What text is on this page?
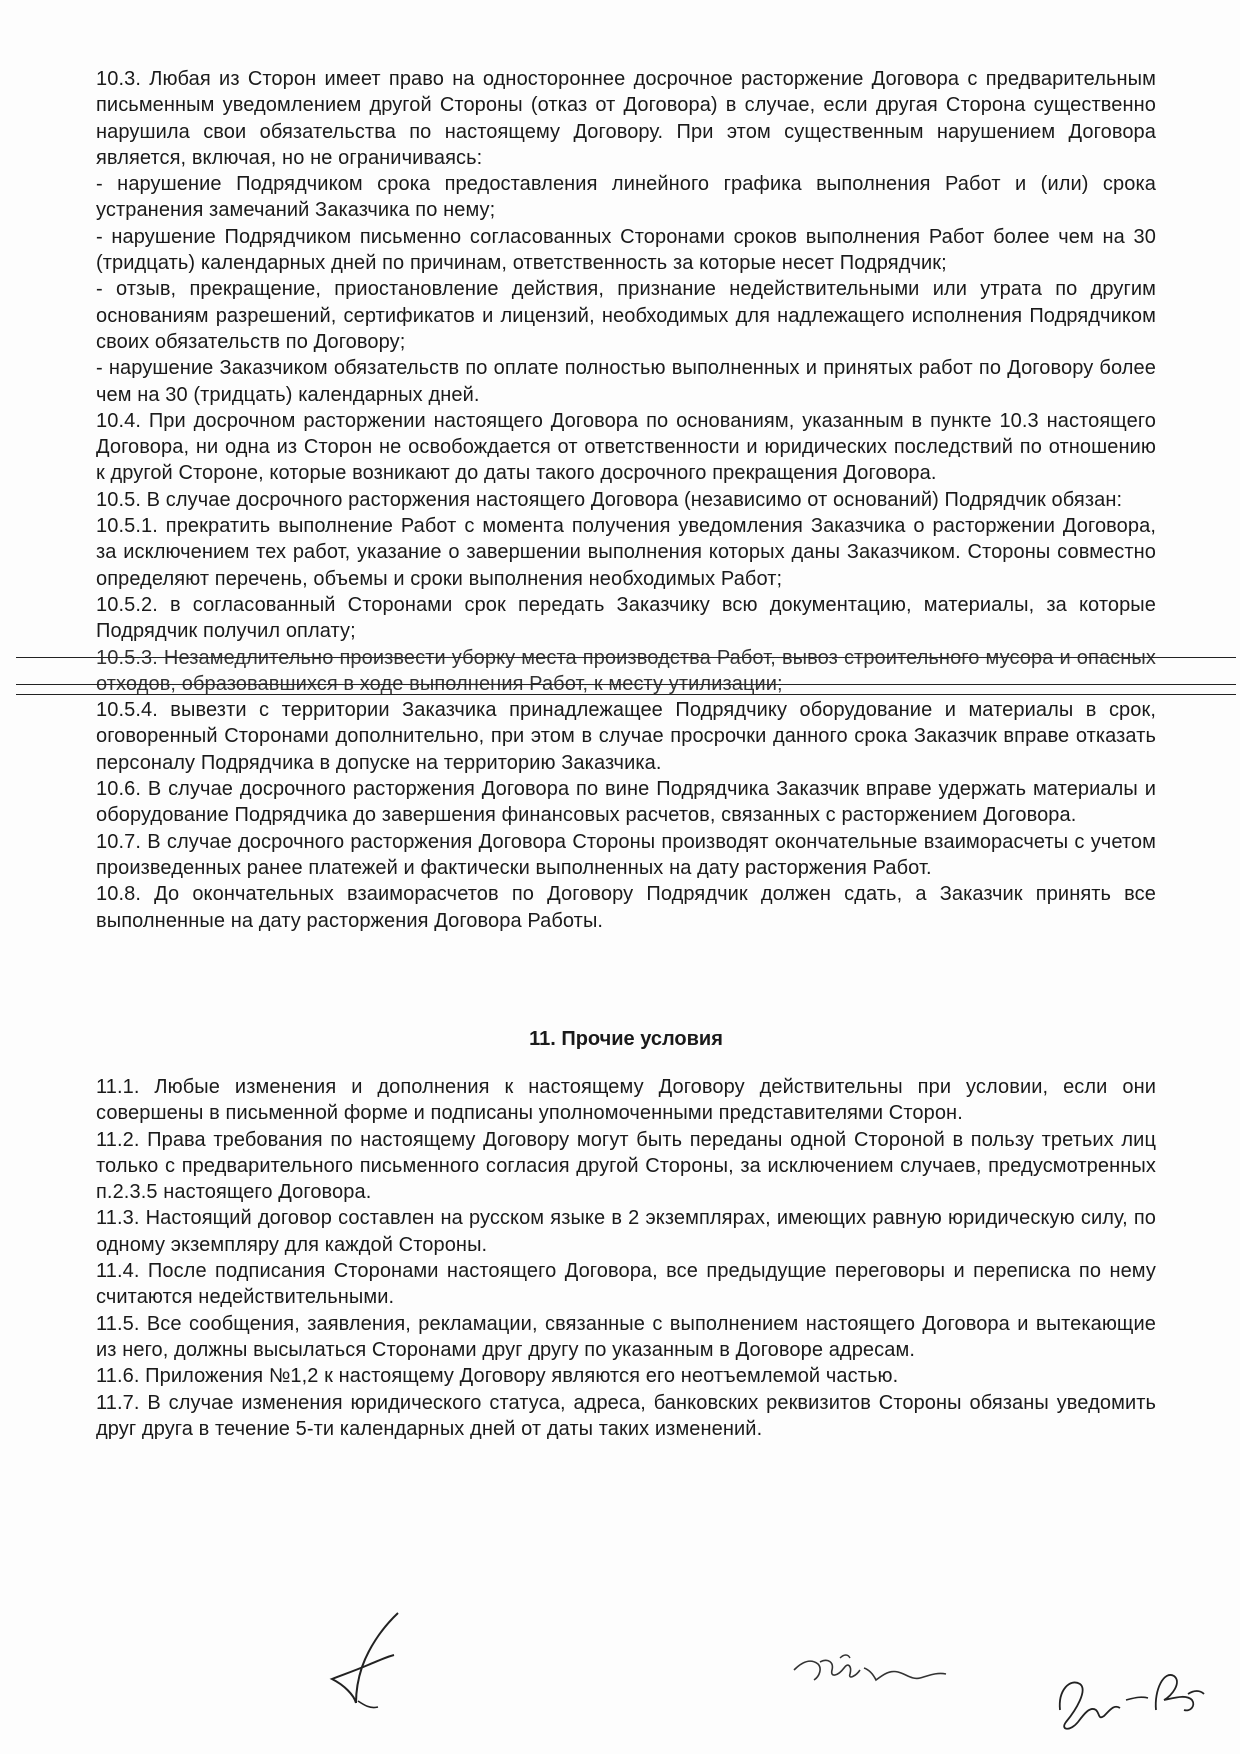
10.3. Любая из Сторон имеет право на одностороннее досрочное расторжение Договора с предварительным письменным уведомлением другой Стороны (отказ от Договора) в случае, если другая Сторона существенно нарушила свои обязательства по настоящему Договору. При этом существенным нарушением Договора является, включая, но не ограничиваясь:

- нарушение Подрядчиком срока предоставления линейного графика выполнения Работ и (или) срока устранения замечаний Заказчика по нему;

- нарушение Подрядчиком письменно согласованных Сторонами сроков выполнения Работ более чем на 30 (тридцать) календарных дней по причинам, ответственность за которые несет Подрядчик;

- отзыв, прекращение, приостановление действия, признание недействительными или утрата по другим основаниям разрешений, сертификатов и лицензий, необходимых для надлежащего исполнения Подрядчиком своих обязательств по Договору;

- нарушение Заказчиком обязательств по оплате полностью выполненных и принятых работ по Договору более чем на 30 (тридцать) календарных дней.

10.4. При досрочном расторжении настоящего Договора по основаниям, указанным в пункте 10.3 настоящего Договора, ни одна из Сторон не освобождается от ответственности и юридических последствий по отношению к другой Стороне, которые возникают до даты такого досрочного прекращения Договора.

10.5. В случае досрочного расторжения настоящего Договора (независимо от оснований) Подрядчик обязан:

10.5.1. прекратить выполнение Работ с момента получения уведомления Заказчика о расторжении Договора, за исключением тех работ, указание о завершении выполнения которых даны Заказчиком. Стороны совместно определяют перечень, объемы и сроки выполнения необходимых Работ;

10.5.2. в согласованный Сторонами срок передать Заказчику всю документацию, материалы, за которые Подрядчик получил оплату;

10.5.3. Незамедлительно произвести уборку места производства Работ, вывоз строительного мусора и опасных отходов, образовавшихся в ходе выполнения Работ, к месту утилизации;

10.5.4. вывезти с территории Заказчика принадлежащее Подрядчику оборудование и материалы в срок, оговоренный Сторонами дополнительно, при этом в случае просрочки данного срока Заказчик вправе отказать персоналу Подрядчика в допуске на территорию Заказчика.

10.6. В случае досрочного расторжения Договора по вине Подрядчика Заказчик вправе удержать материалы и оборудование Подрядчика до завершения финансовых расчетов, связанных с расторжением Договора.

10.7. В случае досрочного расторжения Договора Стороны производят окончательные взаиморасчеты с учетом произведенных ранее платежей и фактически выполненных на дату расторжения Работ.

10.8. До окончательных взаиморасчетов по Договору Подрядчик должен сдать, а Заказчик принять все выполненные на дату расторжения Договора Работы.

11. Прочие условия

11.1. Любые изменения и дополнения к настоящему Договору действительны при условии, если они совершены в письменной форме и подписаны уполномоченными представителями Сторон.

11.2. Права требования по настоящему Договору могут быть переданы одной Стороной в пользу третьих лиц только с предварительного письменного согласия другой Стороны, за исключением случаев, предусмотренных п.2.3.5 настоящего Договора.

11.3. Настоящий договор составлен на русском языке в 2 экземплярах, имеющих равную юридическую силу, по одному экземпляру для каждой Стороны.

11.4. После подписания Сторонами настоящего Договора, все предыдущие переговоры и переписка по нему считаются недействительными.

11.5. Все сообщения, заявления, рекламации, связанные с выполнением настоящего Договора и вытекающие из него, должны высылаться Сторонами друг другу по указанным в Договоре адресам.

11.6. Приложения №1,2 к настоящему Договору являются его неотъемлемой частью.

11.7. В случае изменения юридического статуса, адреса, банковских реквизитов Стороны обязаны уведомить друг друга в течение 5-ти календарных дней от даты таких изменений.
